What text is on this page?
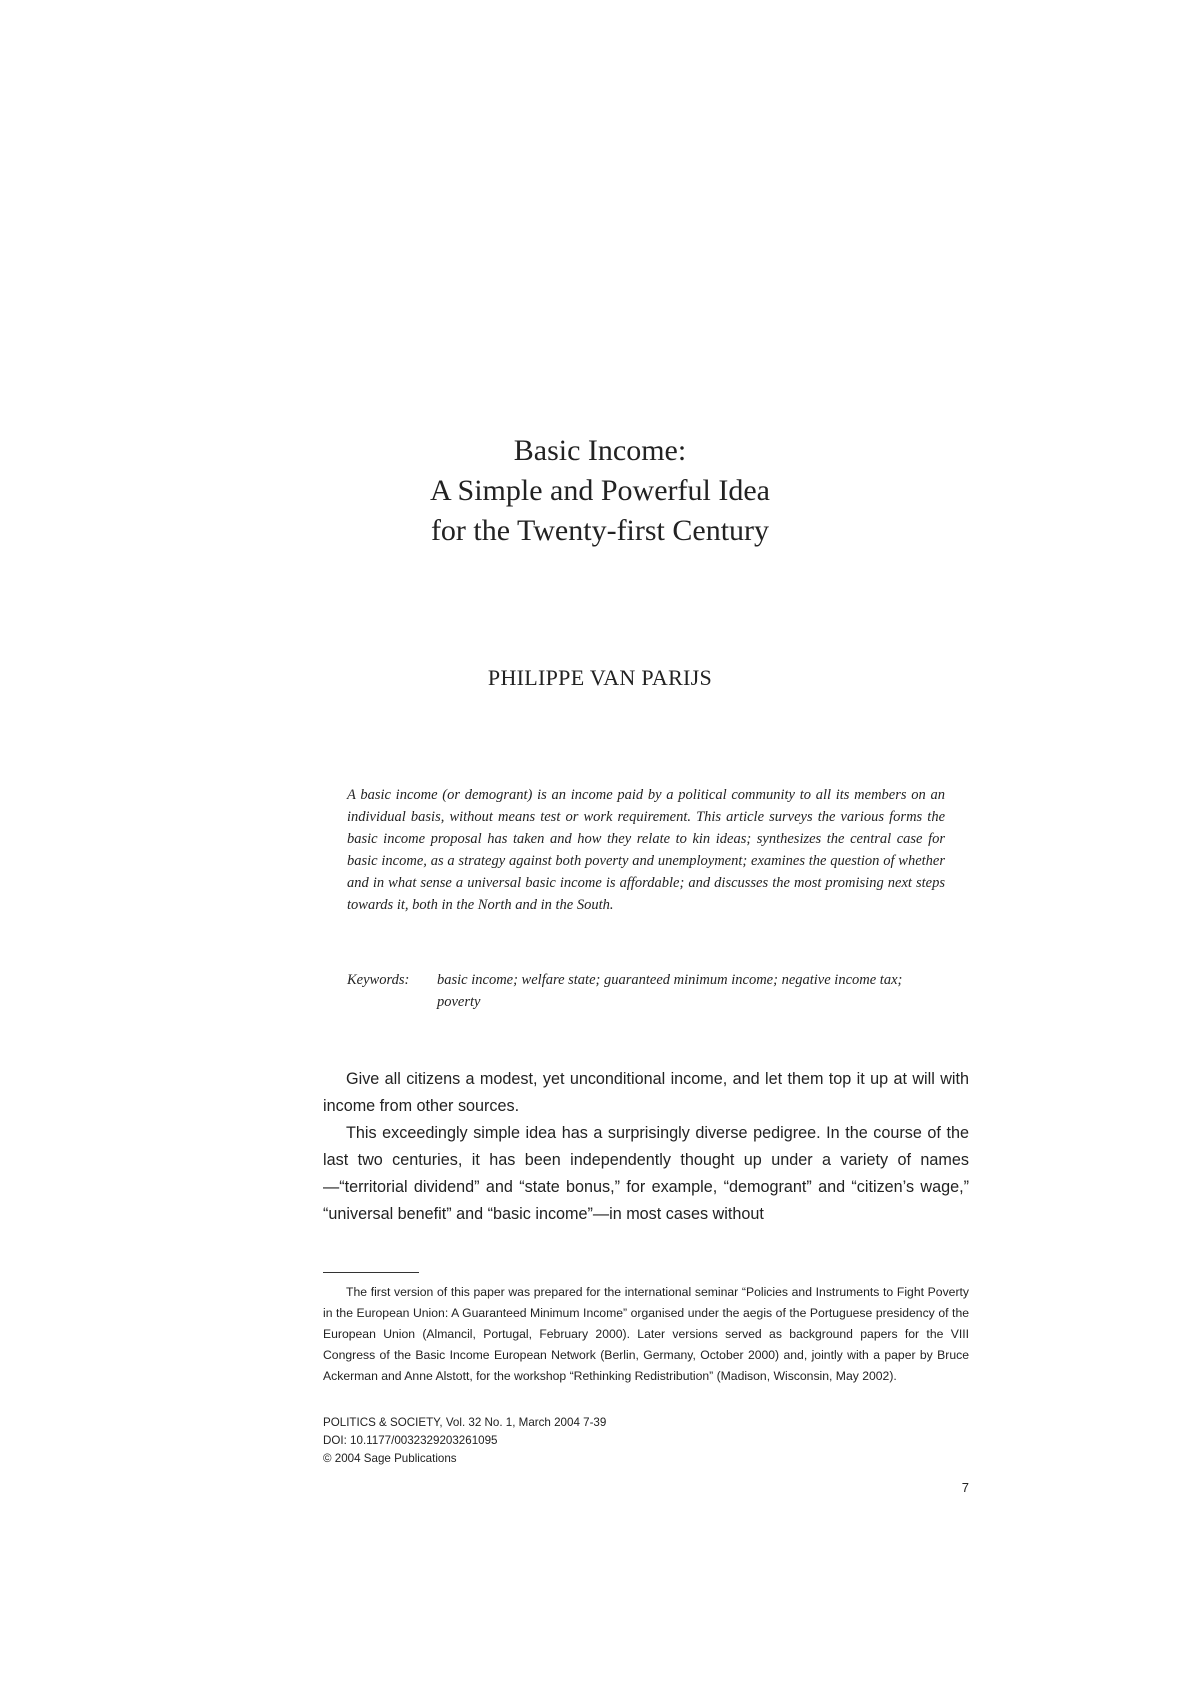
Basic Income:
A Simple and Powerful Idea
for the Twenty-first Century
PHILIPPE VAN PARIJS
A basic income (or demogrant) is an income paid by a political community to all its members on an individual basis, without means test or work requirement. This article surveys the various forms the basic income proposal has taken and how they relate to kin ideas; synthesizes the central case for basic income, as a strategy against both poverty and unemployment; examines the question of whether and in what sense a universal basic income is affordable; and discusses the most promising next steps towards it, both in the North and in the South.
Keywords:	basic income; welfare state; guaranteed minimum income; negative income tax; poverty

Give all citizens a modest, yet unconditional income, and let them top it up at will with income from other sources.

This exceedingly simple idea has a surprisingly diverse pedigree. In the course of the last two centuries, it has been independently thought up under a variety of names—“territorial dividend” and “state bonus,” for example, “demogrant” and “citizen’s wage,” “universal benefit” and “basic income”—in most cases without

The first version of this paper was prepared for the international seminar “Policies and Instruments to Fight Poverty in the European Union: A Guaranteed Minimum Income” organised under the aegis of the Portuguese presidency of the European Union (Almancil, Portugal, February 2000). Later versions served as background papers for the VIII Congress of the Basic Income European Network (Berlin, Germany, October 2000) and, jointly with a paper by Bruce Ackerman and Anne Alstott, for the workshop “Rethinking Redistribution” (Madison, Wisconsin, May 2002).
POLITICS & SOCIETY, Vol. 32 No. 1, March 2004 7-39
DOI: 10.1177/0032329203261095
© 2004 Sage Publications
7
